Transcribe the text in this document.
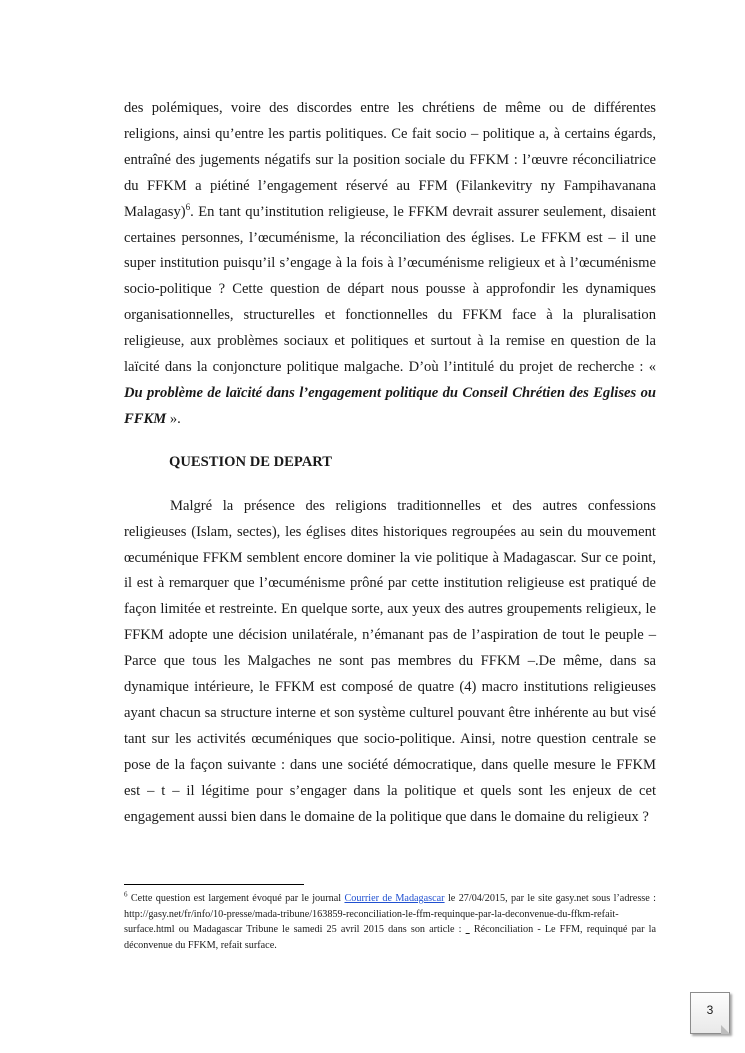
des polémiques, voire des discordes entre les chrétiens de même ou de différentes religions, ainsi qu’entre les partis politiques. Ce fait socio – politique a, à certains égards, entraîné des jugements négatifs sur la position sociale du FFKM : l’œuvre réconciliatrice du FFKM a piétiné l’engagement réservé au FFM (Filankevitry ny Fampihavanana Malagasy)$^6$. En tant qu’institution religieuse, le FFKM devrait assurer seulement, disaient certaines personnes, l’œcuménisme, la réconciliation des églises. Le FFKM est – il une super institution puisqu’il s’engage à la fois à l’œcuménisme religieux et à l’œcuménisme socio-politique ? Cette question de départ nous pousse à approfondir les dynamiques organisationnelles, structurelles et fonctionnelles du FFKM face à la pluralisation religieuse, aux problèmes sociaux et politiques et surtout à la remise en question de la laïcité dans la conjoncture politique malgache. D’où l’intitulé du projet de recherche : « Du problème de laïcité dans l’engagement politique du Conseil Chrétien des Eglises ou FFKM ».

QUESTION DE DEPART

Malgré la présence des religions traditionnelles et des autres confessions religieuses (Islam, sectes), les églises dites historiques regroupées au sein du mouvement œcuménique FFKM semblent encore dominer la vie politique à Madagascar. Sur ce point, il est à remarquer que l’œcuménisme prôné par cette institution religieuse est pratiqué de façon limitée et restreinte. En quelque sorte, aux yeux des autres groupements religieux, le FFKM adopte une décision unilatérale, n’émanant pas de l’aspiration de tout le peuple – Parce que tous les Malgaches ne sont pas membres du FFKM –.De même, dans sa dynamique intérieure, le FFKM est composé de quatre (4) macro institutions religieuses ayant chacun sa structure interne et son système culturel pouvant être inhérente au but visé tant sur les activités œcuméniques que socio-politique. Ainsi, notre question centrale se pose de la façon suivante : dans une société démocratique, dans quelle mesure le FFKM est – t – il légitime pour s’engager dans la politique et quels sont les enjeux de cet engagement aussi bien dans le domaine de la politique que dans le domaine du religieux ?

$^6$ Cette question est largement évoqué par le journal Courrier de Madagascar le 27/04/2015, par le site gasy.net sous l’adresse : http://gasy.net/fr/info/10-presse/mada-tribune/163859-reconciliation-le-ffm-requinque-par-la-deconvenue-du-ffkm-refait-surface.html ou Madagascar Tribune le samedi 25 avril 2015 dans son article :   Réconciliation - Le FFM, requinqué par la déconvenue du FFKM, refait surface.

3
